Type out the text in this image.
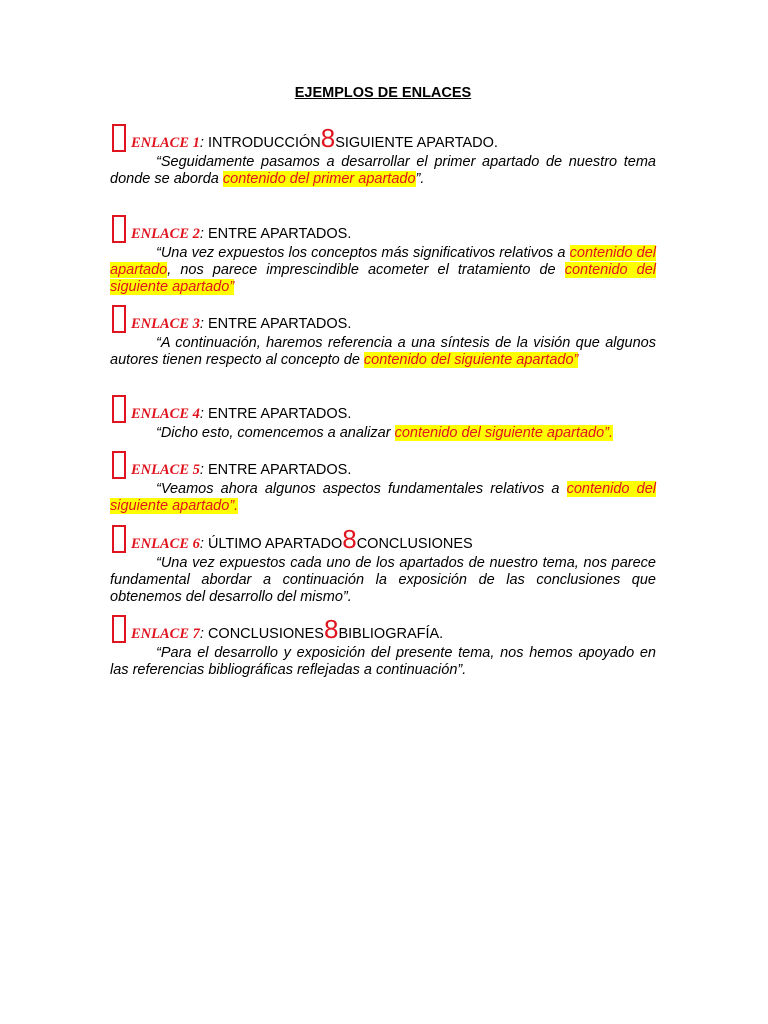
EJEMPLOS DE ENLACES
ENLACE 1: INTRODUCCIÓN8SIGUIENTE APARTADO.

“Seguidamente pasamos a desarrollar el primer apartado de nuestro tema donde se aborda contenido del primer apartado”.

ENLACE 2: ENTRE APARTADOS.

“Una vez expuestos los conceptos más significativos relativos a contenido del apartado, nos parece imprescindible acometer el tratamiento de contenido del siguiente apartado”

ENLACE 3: ENTRE APARTADOS.

“A continuación, haremos referencia a una síntesis de la visión que algunos autores tienen respecto al concepto de contenido del siguiente apartado”

ENLACE 4: ENTRE APARTADOS.

“Dicho esto, comencemos a analizar contenido del siguiente apartado”.

ENLACE 5: ENTRE APARTADOS.

“Veamos ahora algunos aspectos fundamentales relativos a contenido del siguiente apartado”.

ENLACE 6: ÚLTIMO APARTADO8CONCLUSIONES

“Una vez expuestos cada uno de los apartados de nuestro tema, nos parece fundamental abordar a continuación la exposición de las conclusiones que obtenemos del desarrollo del mismo”.

ENLACE 7: CONCLUSIONES8BIBLIOGRAFÍA.

“Para el desarrollo y exposición del presente tema, nos hemos apoyado en las referencias bibliográficas reflejadas a continuación”.
